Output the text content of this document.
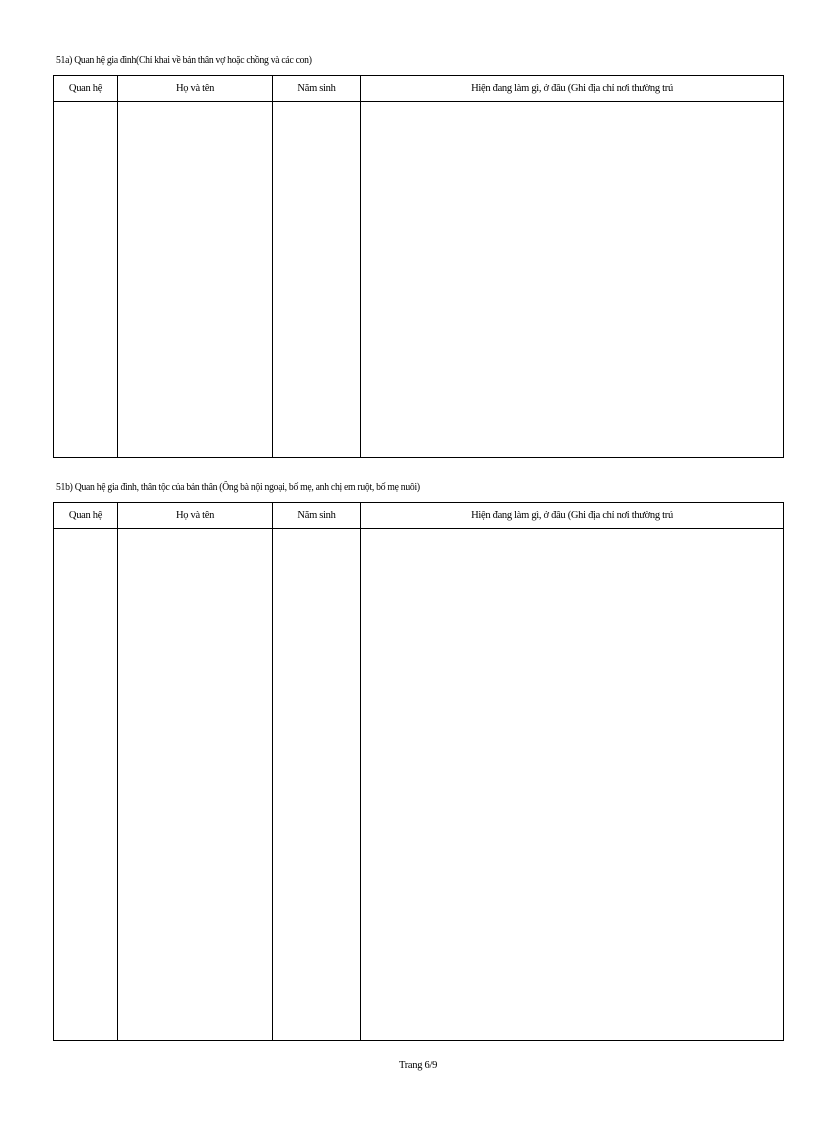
51a) Quan hệ gia đình(Chỉ khai về bản thân vợ hoặc chồng và các con)
Quan hệ	Họ và tên	Năm sinh	Hiện đang làm gì, ở đâu (Ghi địa chỉ nơi thường trú

51b) Quan hệ gia đình, thân tộc của bản thân (Ông bà nội ngoại, bố mẹ, anh chị em ruột, bố mẹ nuôi)
Quan hệ	Họ và tên	Năm sinh	Hiện đang làm gì, ở đâu (Ghi địa chỉ nơi thường trú

Trang 6/9
